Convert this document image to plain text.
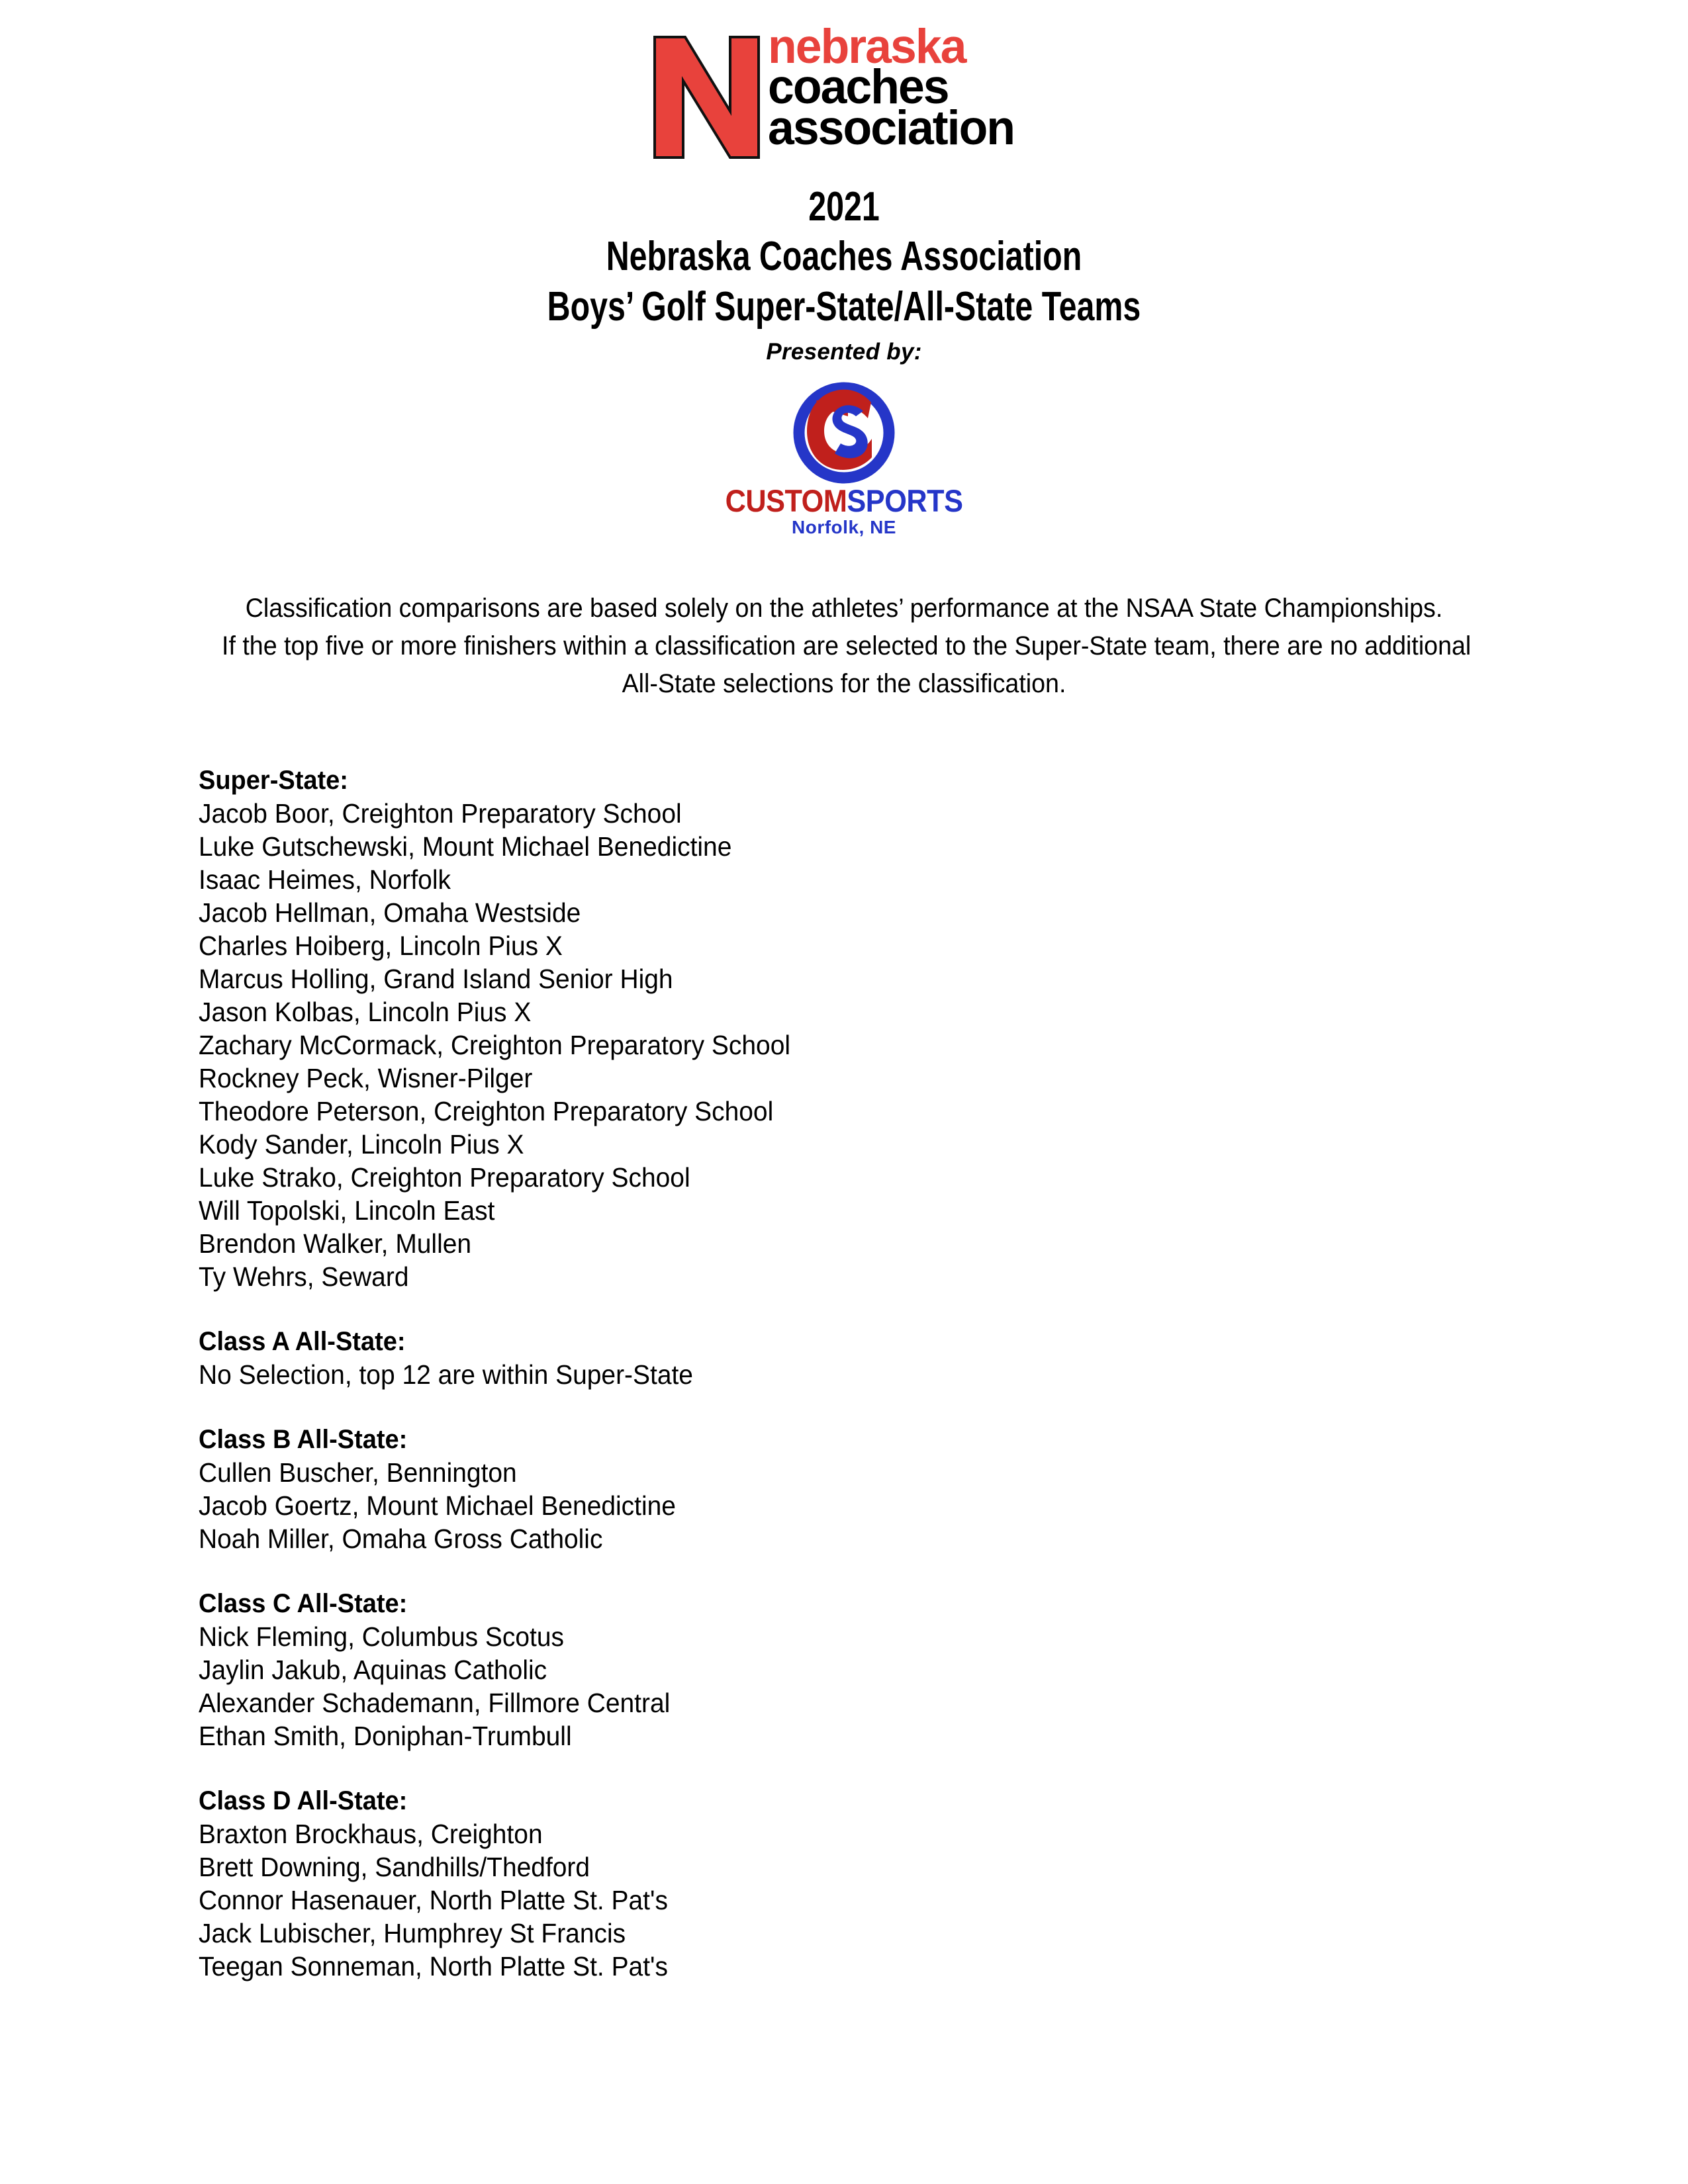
nebraska
coaches
association
2021
Nebraska Coaches Association
Boys’ Golf Super-State/All-State Teams
Presented by:
CUSTOMSPORTS
Norfolk, NE
Classification comparisons are based solely on the athletes’ performance at the NSAA State Championships.
If the top five or more finishers within a classification are selected to the Super-State team, there are no additional
All-State selections for the classification.
Super-State:
Jacob Boor, Creighton Preparatory School
Luke Gutschewski, Mount Michael Benedictine
Isaac Heimes, Norfolk
Jacob Hellman, Omaha Westside
Charles Hoiberg, Lincoln Pius X
Marcus Holling, Grand Island Senior High
Jason Kolbas, Lincoln Pius X
Zachary McCormack, Creighton Preparatory School
Rockney Peck, Wisner-Pilger
Theodore Peterson, Creighton Preparatory School
Kody Sander, Lincoln Pius X
Luke Strako, Creighton Preparatory School
Will Topolski, Lincoln East
Brendon Walker, Mullen
Ty Wehrs, Seward
Class A All-State:
No Selection, top 12 are within Super-State
Class B All-State:
Cullen Buscher, Bennington
Jacob Goertz, Mount Michael Benedictine
Noah Miller, Omaha Gross Catholic
Class C All-State:
Nick Fleming, Columbus Scotus
Jaylin Jakub, Aquinas Catholic
Alexander Schademann, Fillmore Central
Ethan Smith, Doniphan-Trumbull
Class D All-State:
Braxton Brockhaus, Creighton
Brett Downing, Sandhills/Thedford
Connor Hasenauer, North Platte St. Pat's
Jack Lubischer, Humphrey St Francis
Teegan Sonneman, North Platte St. Pat's
